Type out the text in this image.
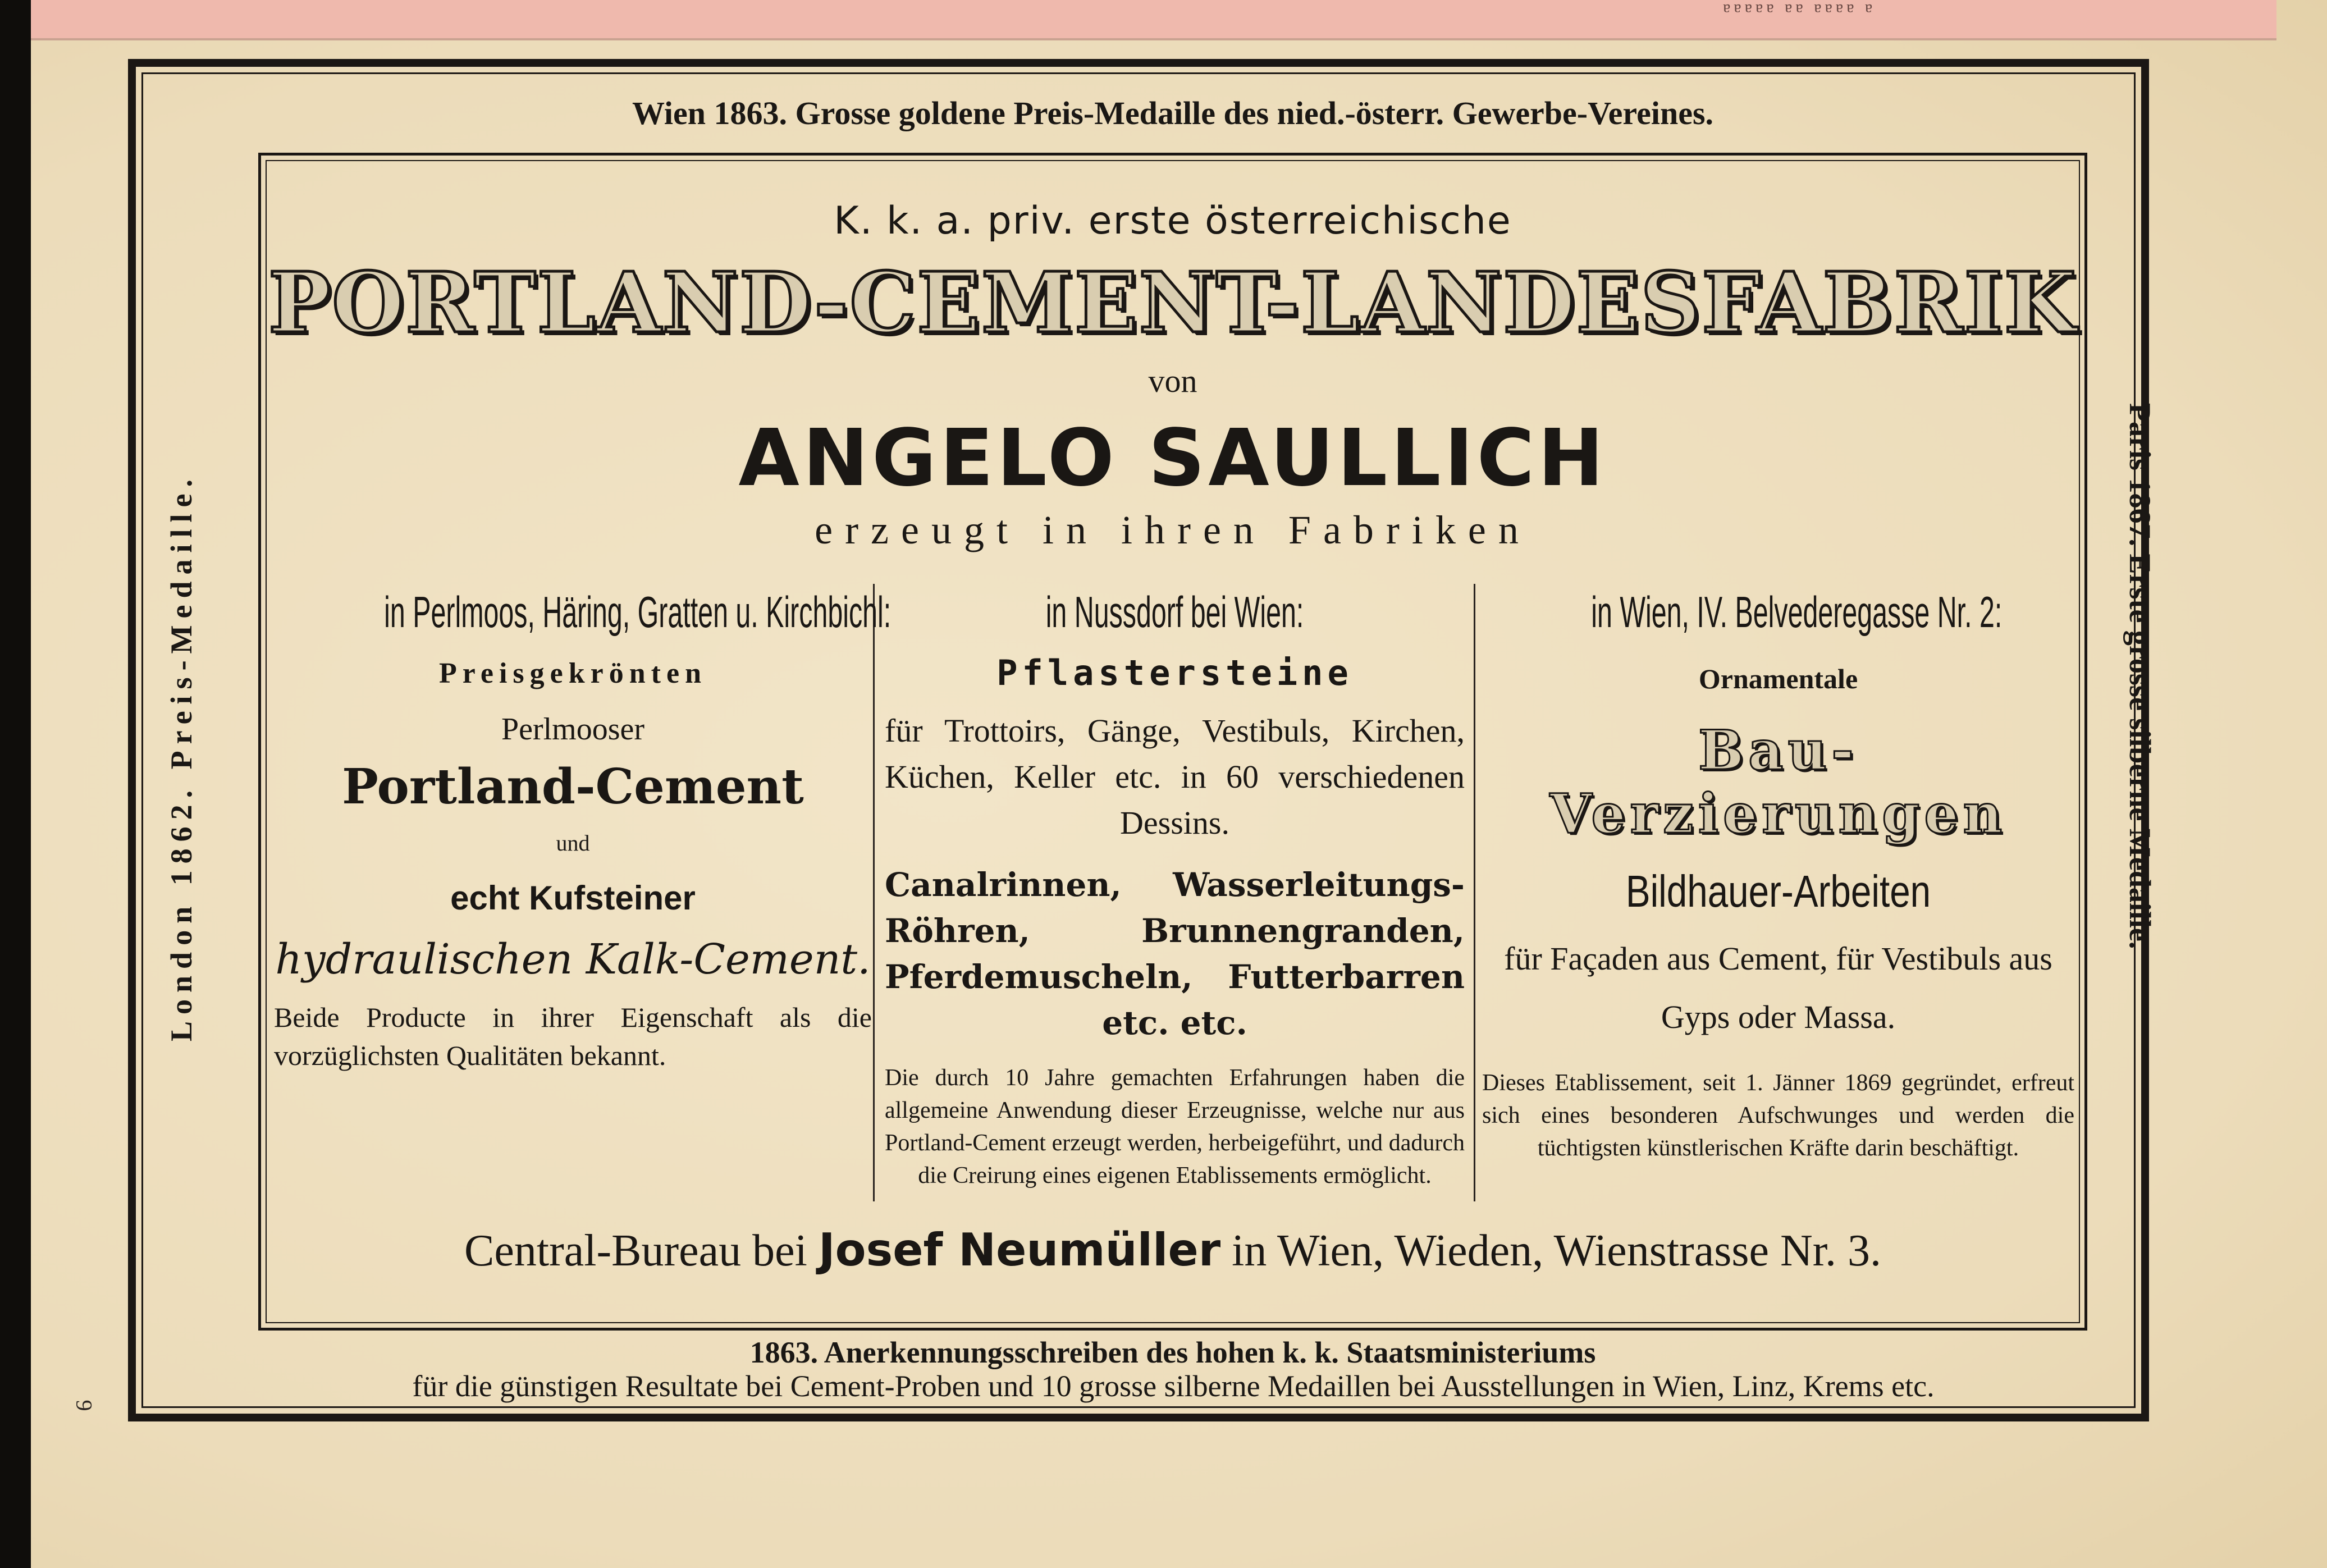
a aaaa aa aaaaa
9
Wien 1863. Grosse goldene Preis-Medaille des nied.-österr. Gewerbe-Vereines.
London 1862. Preis-Medaille.	Paris 1867. Erste grosse silberne Medaille.
K. k. a. priv. erste österreichische
PORTLAND-CEMENT-LANDESFABRIK
von
ANGELO SAULLICH
erzeugt in ihren Fabriken
in Perlmoos, Häring, Gratten u. Kirchbichl:
Preisgekrönten
Perlmooser
Portland-Cement
und
echt Kufsteiner
hydraulischen Kalk-Cement.
Beide Producte in ihrer Eigenschaft als die vorzüglichsten Qualitäten bekannt.
in Nussdorf bei Wien:
Pflastersteine
für Trottoirs, Gänge, Vestibuls, Kirchen, Küchen, Keller etc. in 60 verschiedenen Dessins.
Canalrinnen, Wasserleitungs-Röhren, Brunnengranden, Pferdemuscheln, Futterbarren etc. etc.
Die durch 10 Jahre gemachten Erfahrungen haben die allgemeine Anwendung dieser Erzeugnisse, welche nur aus Portland-Cement erzeugt werden, herbeigeführt, und dadurch die Creirung eines eigenen Etablissements ermöglicht.
in Wien, IV. Belvederegasse Nr. 2:
Ornamentale
Bau-Verzierungen
Bildhauer-Arbeiten
für Façaden aus Cement, für Vestibuls aus Gyps oder Massa.
Dieses Etablissement, seit 1. Jänner 1869 gegründet, erfreut sich eines besonderen Aufschwunges und werden die tüchtigsten künstlerischen Kräfte darin beschäftigt.
Central-Bureau bei Josef Neumüller in Wien, Wieden, Wienstrasse Nr. 3.
1863. Anerkennungsschreiben des hohen k. k. Staatsministeriums
für die günstigen Resultate bei Cement-Proben und 10 grosse silberne Medaillen bei Ausstellungen in Wien, Linz, Krems etc.
